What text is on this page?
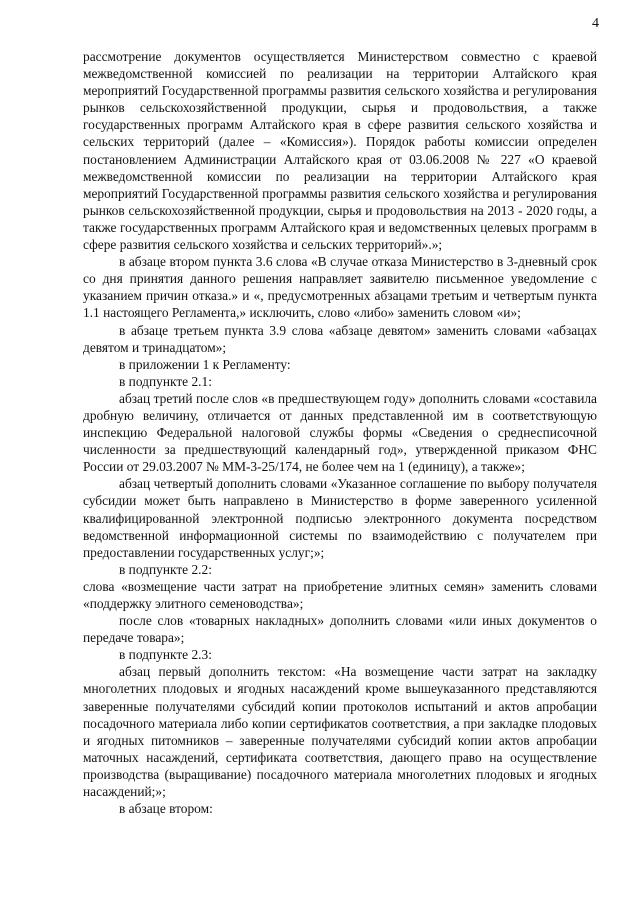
4

рассмотрение документов осуществляется Министерством совместно с краевой межведомственной комиссией по реализации на территории Алтайского края мероприятий Государственной программы развития сельского хозяйства и регулирования рынков сельскохозяйственной продукции, сырья и продовольствия, а также государственных программ Алтайского края в сфере развития сельского хозяйства и сельских территорий (далее – «Комиссия»). Порядок работы комиссии определен постановлением Администрации Алтайского края от 03.06.2008 № 227 «О краевой межведомственной комиссии по реализации на территории Алтайского края мероприятий Государственной программы развития сельского хозяйства и регулирования рынков сельскохозяйственной продукции, сырья и продовольствия на 2013 - 2020 годы, а также государственных программ Алтайского края и ведомственных целевых программ в сфере развития сельского хозяйства и сельских территорий».»;

в абзаце втором пункта 3.6 слова «В случае отказа Министерство в 3-дневный срок со дня принятия данного решения направляет заявителю письменное уведомление с указанием причин отказа.» и «, предусмотренных абзацами третьим и четвертым пункта 1.1 настоящего Регламента,» исключить, слово «либо» заменить словом «и»;

в абзаце третьем пункта 3.9 слова «абзаце девятом» заменить словами «абзацах девятом и тринадцатом»;

в приложении 1 к Регламенту:

в подпункте 2.1:

абзац третий после слов «в предшествующем году» дополнить словами «составила дробную величину, отличается от данных представленной им в соответствующую инспекцию Федеральной налоговой службы формы «Сведения о среднесписочной численности за предшествующий календарный год», утвержденной приказом ФНС России от 29.03.2007 № ММ-3-25/174, не более чем на 1 (единицу), а также»;

абзац четвертый дополнить словами «Указанное соглашение по выбору получателя субсидии может быть направлено в Министерство в форме заверенного усиленной квалифицированной электронной подписью электронного документа посредством ведомственной информационной системы по взаимодействию с получателем при предоставлении государственных услуг;»;

в подпункте 2.2:

слова «возмещение части затрат на приобретение элитных семян» заменить словами «поддержку элитного семеноводства»;

после слов «товарных накладных» дополнить словами «или иных документов о передаче товара»;

в подпункте 2.3:

абзац первый дополнить текстом: «На возмещение части затрат на закладку многолетних плодовых и ягодных насаждений кроме вышеуказанного представляются заверенные получателями субсидий копии протоколов испытаний и актов апробации посадочного материала либо копии сертификатов соответствия, а при закладке плодовых и ягодных питомников – заверенные получателями субсидий копии актов апробации маточных насаждений, сертификата соответствия, дающего право на осуществление производства (выращивание) посадочного материала многолетних плодовых и ягодных насаждений;»;

в абзаце втором:
